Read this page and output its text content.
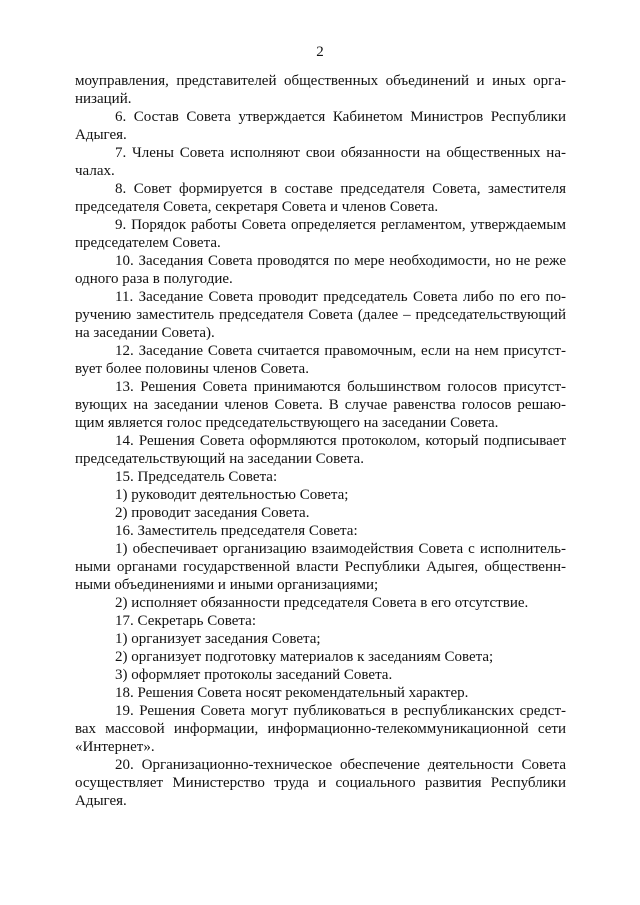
2
моуправления, представителей общественных объединений и иных орга-
низаций.
6. Состав Совета утверждается Кабинетом Министров Республики
Адыгея.
7. Члены Совета исполняют свои обязанности на общественных на-
чалах.
8. Совет формируется в составе председателя Совета, заместителя
председателя Совета, секретаря Совета и членов Совета.
9. Порядок работы Совета определяется регламентом, утверждаемым
председателем Совета.
10. Заседания Совета проводятся по мере необходимости, но не реже
одного раза в полугодие.
11. Заседание Совета проводит председатель Совета либо по его по-
ручению заместитель председателя Совета (далее – председательствующий
на заседании Совета).
12. Заседание Совета считается правомочным, если на нем присутст-
вует более половины членов Совета.
13. Решения Совета принимаются большинством голосов присутст-
вующих на заседании членов Совета. В случае равенства голосов решаю-
щим является голос председательствующего на заседании Совета.
14. Решения Совета оформляются протоколом, который подписывает
председательствующий на заседании Совета.
15. Председатель Совета:
1) руководит деятельностью Совета;
2) проводит заседания Совета.
16. Заместитель председателя Совета:
1) обеспечивает организацию взаимодействия Совета с исполнитель-
ными органами государственной власти Республики Адыгея, общественн-
ными объединениями и иными организациями;
2) исполняет обязанности председателя Совета в его отсутствие.
17. Секретарь Совета:
1) организует заседания Совета;
2) организует подготовку материалов к заседаниям Совета;
3) оформляет протоколы заседаний Совета.
18. Решения Совета носят рекомендательный характер.
19. Решения Совета могут публиковаться в республиканских средст-
вах массовой информации, информационно-телекоммуникационной сети
«Интернет».
20. Организационно-техническое обеспечение деятельности Совета
осуществляет Министерство труда и социального развития Республики
Адыгея.
